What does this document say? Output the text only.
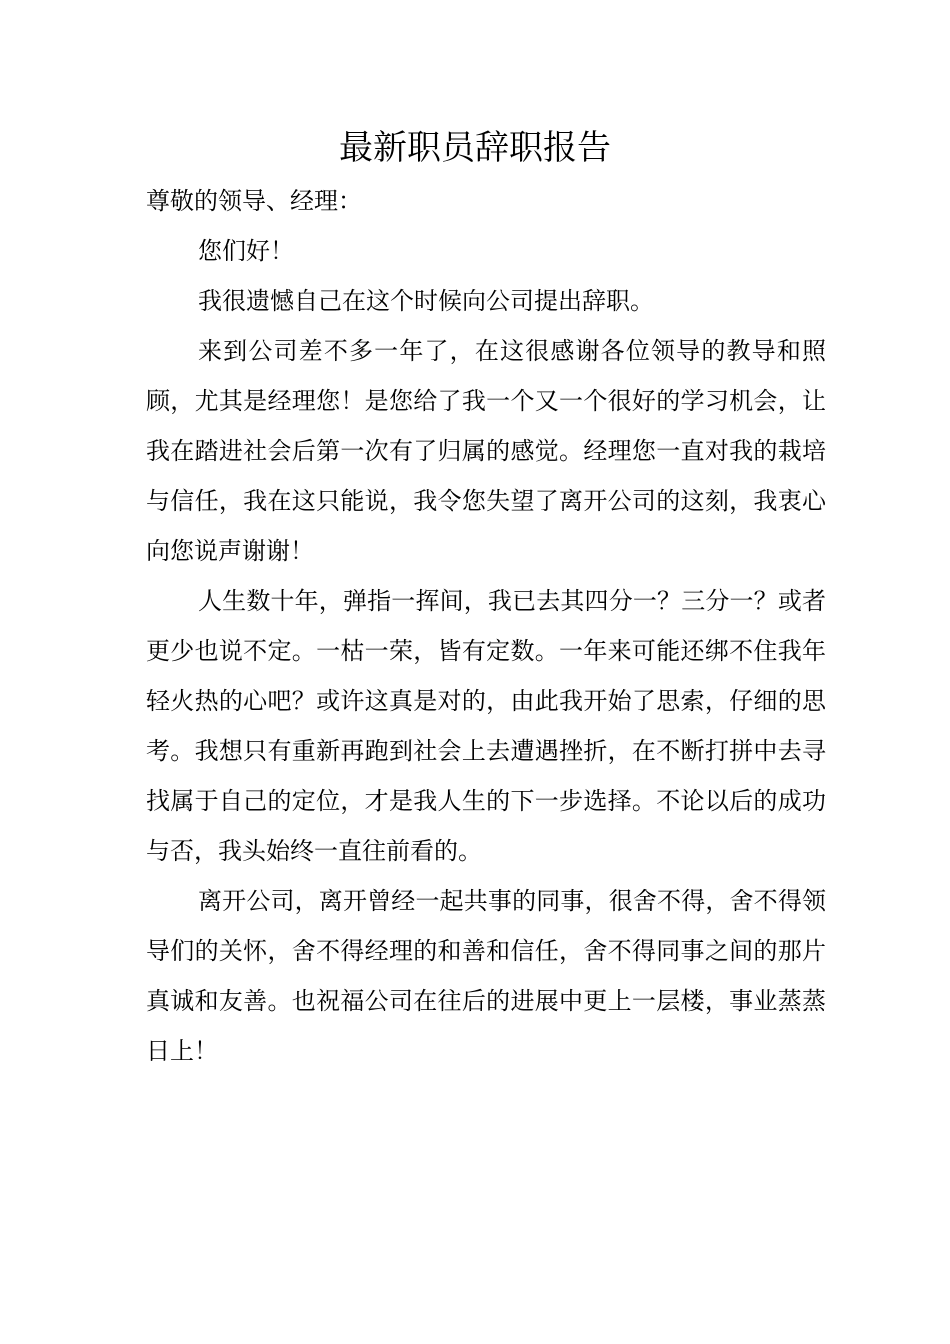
最新职员辞职报告

尊敬的领导、经理：

您们好！

我很遗憾自己在这个时候向公司提出辞职。

来到公司差不多一年了，在这很感谢各位领导的教导和照顾，尤其是经理您！是您给了我一个又一个很好的学习机会，让我在踏进社会后第一次有了归属的感觉。经理您一直对我的栽培与信任，我在这只能说，我令您失望了离开公司的这刻，我衷心向您说声谢谢！

人生数十年，弹指一挥间，我已去其四分一？三分一？或者更少也说不定。一枯一荣，皆有定数。一年来可能还绑不住我年轻火热的心吧？或许这真是对的，由此我开始了思索，仔细的思考。我想只有重新再跑到社会上去遭遇挫折，在不断打拼中去寻找属于自己的定位，才是我人生的下一步选择。不论以后的成功与否，我头始终一直往前看的。

离开公司，离开曾经一起共事的同事，很舍不得，舍不得领导们的关怀，舍不得经理的和善和信任，舍不得同事之间的那片真诚和友善。也祝福公司在往后的进展中更上一层楼，事业蒸蒸日上！
